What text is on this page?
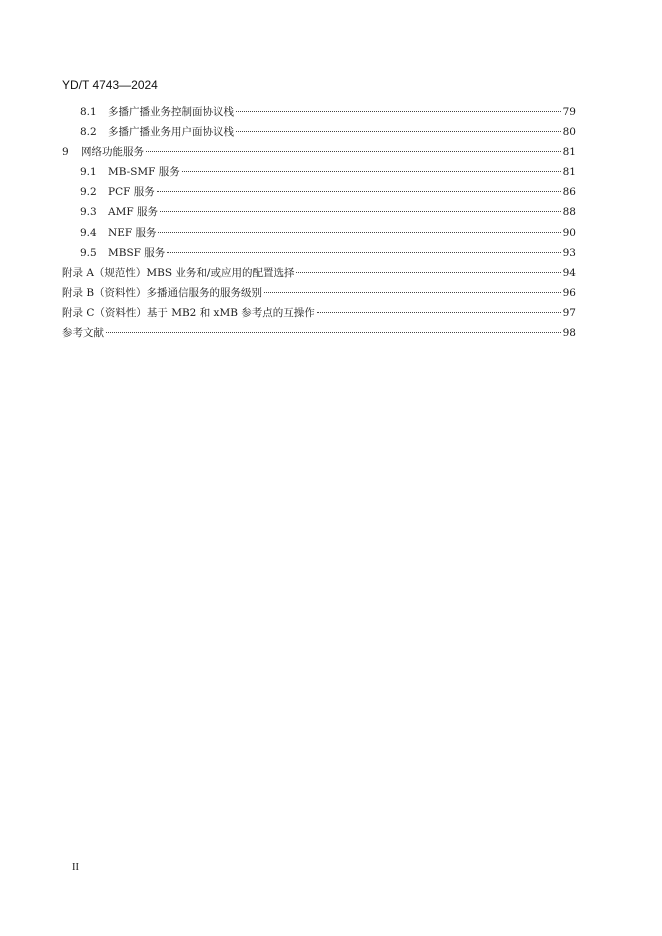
YD/T 4743—2024
8.1	多播广播业务控制面协议栈	79
8.2	多播广播业务用户面协议栈	80
9	网络功能服务	81
9.1	MB-SMF 服务	81
9.2	PCF 服务	86
9.3	AMF 服务	88
9.4	NEF 服务	90
9.5	MBSF 服务	93
附录 A（规范性）MBS 业务和/或应用的配置选择	94
附录 B（资料性）多播通信服务的服务级别	96
附录 C（资料性）基于 MB2 和 xMB 参考点的互操作	97
参考文献	98
II
